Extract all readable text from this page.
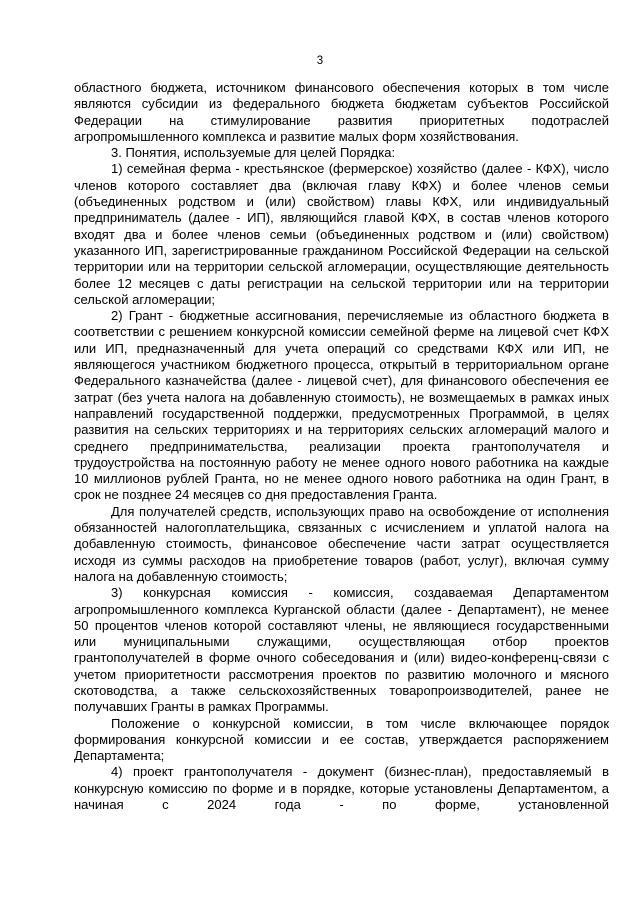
3

областного бюджета, источником финансового обеспечения которых в том числе являются субсидии из федерального бюджета бюджетам субъектов Российской Федерации на стимулирование развития приоритетных подотраслей агропромышленного комплекса и развитие малых форм хозяйствования.

3. Понятия, используемые для целей Порядка:

1) семейная ферма - крестьянское (фермерское) хозяйство (далее - КФХ), число членов которого составляет два (включая главу КФХ) и более членов семьи (объединенных родством и (или) свойством) главы КФХ, или индивидуальный предприниматель (далее - ИП), являющийся главой КФХ, в состав членов которого входят два и более членов семьи (объединенных родством и (или) свойством) указанного ИП, зарегистрированные гражданином Российской Федерации на сельской территории или на территории сельской агломерации, осуществляющие деятельность более 12 месяцев с даты регистрации на сельской территории или на территории сельской агломерации;

2) Грант - бюджетные ассигнования, перечисляемые из областного бюджета в соответствии с решением конкурсной комиссии семейной ферме на лицевой счет КФХ или ИП, предназначенный для учета операций со средствами КФХ или ИП, не являющегося участником бюджетного процесса, открытый в территориальном органе Федерального казначейства (далее - лицевой счет), для финансового обеспечения ее затрат (без учета налога на добавленную стоимость), не возмещаемых в рамках иных направлений государственной поддержки, предусмотренных Программой, в целях развития на сельских территориях и на территориях сельских агломераций малого и среднего предпринимательства, реализации проекта грантополучателя и трудоустройства на постоянную работу не менее одного нового работника на каждые 10 миллионов рублей Гранта, но не менее одного нового работника на один Грант, в срок не позднее 24 месяцев со дня предоставления Гранта.

Для получателей средств, использующих право на освобождение от исполнения обязанностей налогоплательщика, связанных с исчислением и уплатой налога на добавленную стоимость, финансовое обеспечение части затрат осуществляется исходя из суммы расходов на приобретение товаров (работ, услуг), включая сумму налога на добавленную стоимость;

3) конкурсная комиссия - комиссия, создаваемая Департаментом агропромышленного комплекса Курганской области (далее - Департамент), не менее 50 процентов членов которой составляют члены, не являющиеся государственными или муниципальными служащими, осуществляющая отбор проектов грантополучателей в форме очного собеседования и (или) видео-конференц-связи с учетом приоритетности рассмотрения проектов по развитию молочного и мясного скотоводства, а также сельскохозяйственных товаропроизводителей, ранее не получавших Гранты в рамках Программы.

Положение о конкурсной комиссии, в том числе включающее порядок формирования конкурсной комиссии и ее состав, утверждается распоряжением Департамента;

4) проект грантополучателя - документ (бизнес-план), предоставляемый в конкурсную комиссию по форме и в порядке, которые установлены Департаментом, а начиная с 2024 года - по форме, установленной
